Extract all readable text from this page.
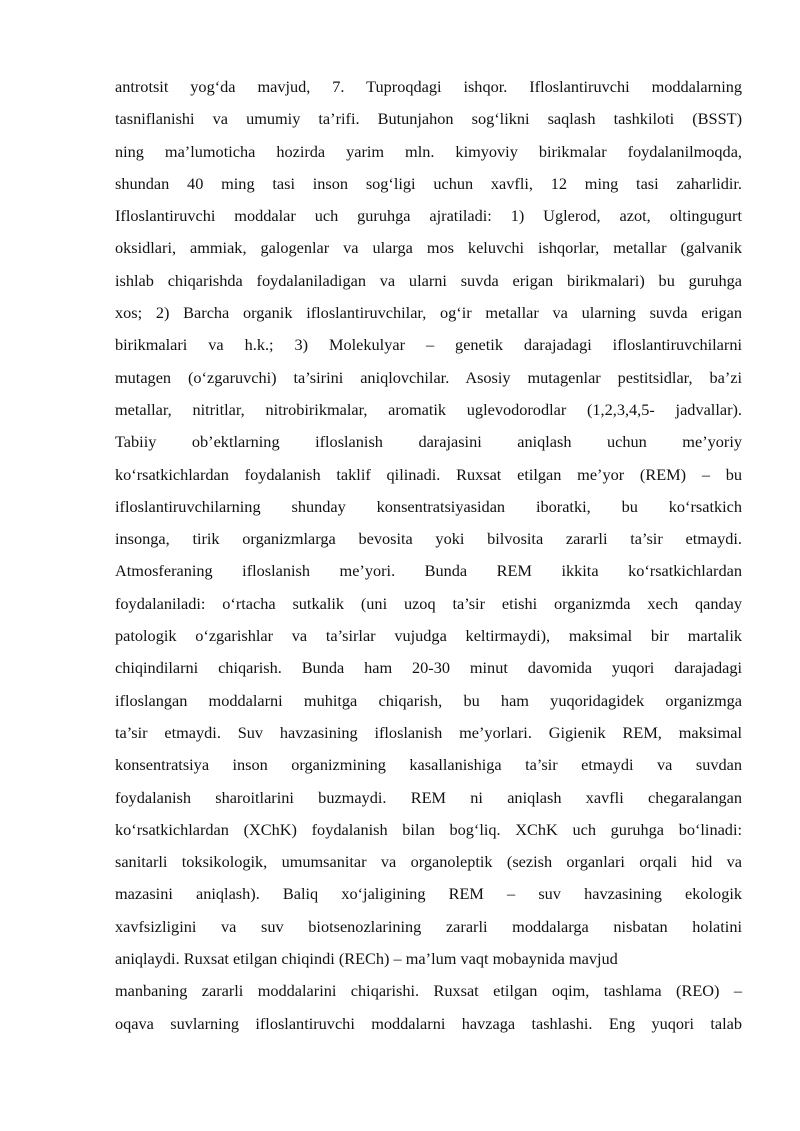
antrotsit yog‘da mavjud, 7. Tuproqdagi ishqor. Ifloslantiruvchi moddalarning
tasniflanishi va umumiy ta’rifi. Butunjahon sog‘likni saqlash tashkiloti (BSST)
ning ma’lumoticha hozirda yarim mln. kimyoviy birikmalar foydalanilmoqda,
shundan 40 ming tasi inson sog‘ligi uchun xavfli, 12 ming tasi zaharlidir.
Ifloslantiruvchi moddalar uch guruhga ajratiladi: 1) Uglerod, azot, oltingugurt
oksidlari, ammiak, galogenlar va ularga mos keluvchi ishqorlar, metallar (galvanik
ishlab chiqarishda foydalaniladigan va ularni suvda erigan birikmalari) bu guruhga
xos; 2) Barcha organik ifloslantiruvchilar, og‘ir metallar va ularning suvda erigan
birikmalari va h.k.; 3) Molekulyar – genetik darajadagi ifloslantiruvchilarni
mutagen (o‘zgaruvchi) ta’sirini aniqlovchilar. Asosiy mutagenlar pestitsidlar, ba’zi
metallar, nitritlar, nitrobirikmalar, aromatik uglevodorodlar (1,2,3,4,5- jadvallar).
Tabiiy ob’ektlarning ifloslanish darajasini aniqlash uchun me’yoriy
ko‘rsatkichlardan foydalanish taklif qilinadi. Ruxsat etilgan me’yor (REM) – bu
ifloslantiruvchilarning shunday konsentratsiyasidan iboratki, bu ko‘rsatkich
insonga, tirik organizmlarga bevosita yoki bilvosita zararli ta’sir etmaydi.
Atmosferaning ifloslanish me’yori. Bunda REM ikkita ko‘rsatkichlardan
foydalaniladi: o‘rtacha sutkalik (uni uzoq ta’sir etishi organizmda xech qanday
patologik o‘zgarishlar va ta’sirlar vujudga keltirmaydi), maksimal bir martalik
chiqindilarni chiqarish. Bunda ham 20-30 minut davomida yuqori darajadagi
ifloslangan moddalarni muhitga chiqarish, bu ham yuqoridagidek organizmga
ta’sir etmaydi. Suv havzasining ifloslanish me’yorlari. Gigienik REM, maksimal
konsentratsiya inson organizmining kasallanishiga ta’sir etmaydi va suvdan
foydalanish sharoitlarini buzmaydi. REM ni aniqlash xavfli chegaralangan
ko‘rsatkichlardan (XChK) foydalanish bilan bog‘liq. XChK uch guruhga bo‘linadi:
sanitarli toksikologik, umumsanitar va organoleptik (sezish organlari orqali hid va
mazasini aniqlash). Baliq xo‘jaligining REM – suv havzasining ekologik
xavfsizligini va suv biotsenozlarining zararli moddalarga nisbatan holatini
aniqlaydi. Ruxsat etilgan chiqindi (REСh) – ma’lum vaqt mobaynida mavjud
manbaning zararli moddalarini chiqarishi. Ruxsat etilgan oqim, tashlama (REO) –
oqava suvlarning ifloslantiruvchi moddalarni havzaga tashlashi. Eng yuqori talab
